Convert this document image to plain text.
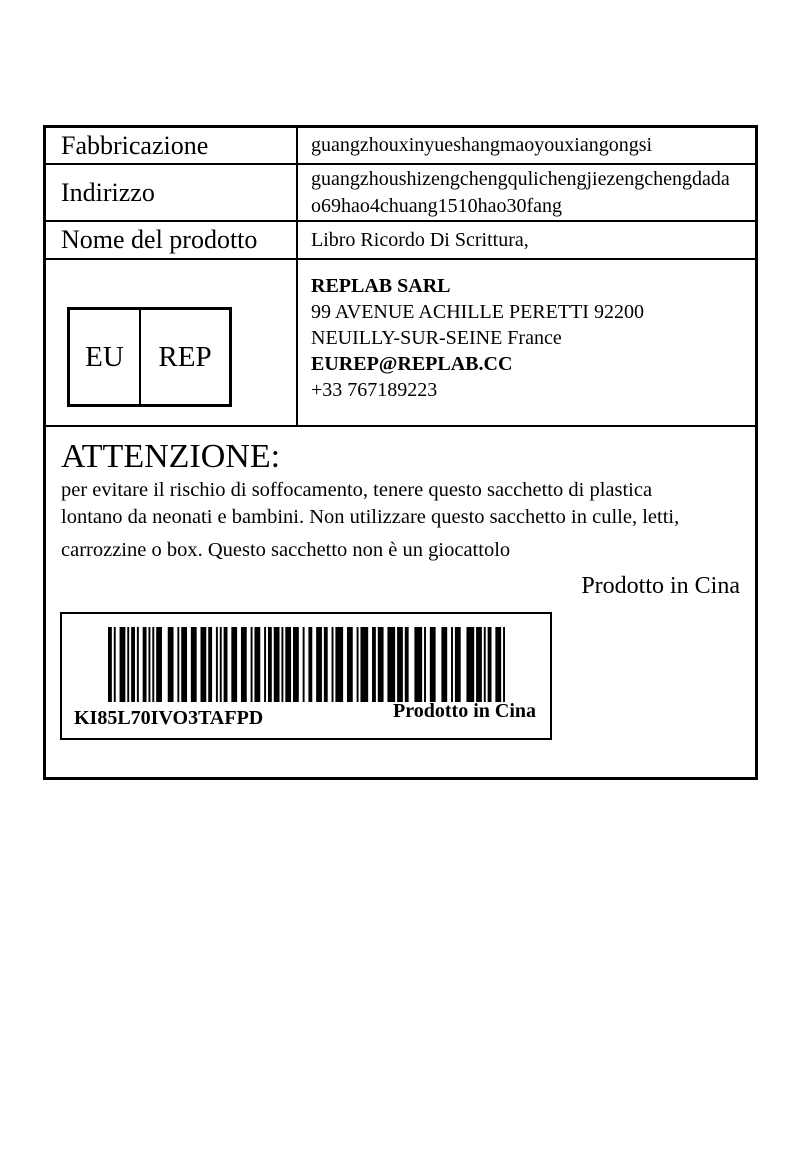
Fabbricazione	guangzhouxinyueshangmaoyouxiangongsi
Indirizzo	guangzhoushizengchengqulichengjiezengchengdada
o69hao4chuang1510hao30fang
Nome del prodotto	Libro Ricordo Di Scrittura,
EU	REP
REPLAB SARL
99 AVENUE ACHILLE PERETTI 92200
NEUILLY-SUR-SEINE France
EUREP@REPLAB.CC
+33 767189223
ATTENZIONE:
per evitare il rischio di soffocamento, tenere questo sacchetto di plastica
lontano da neonati e bambini. Non utilizzare questo sacchetto in culle, letti,
carrozzine o box. Questo sacchetto non è un giocattolo
Prodotto in Cina
KI85L70IVO3TAFPD	Prodotto in Cina
